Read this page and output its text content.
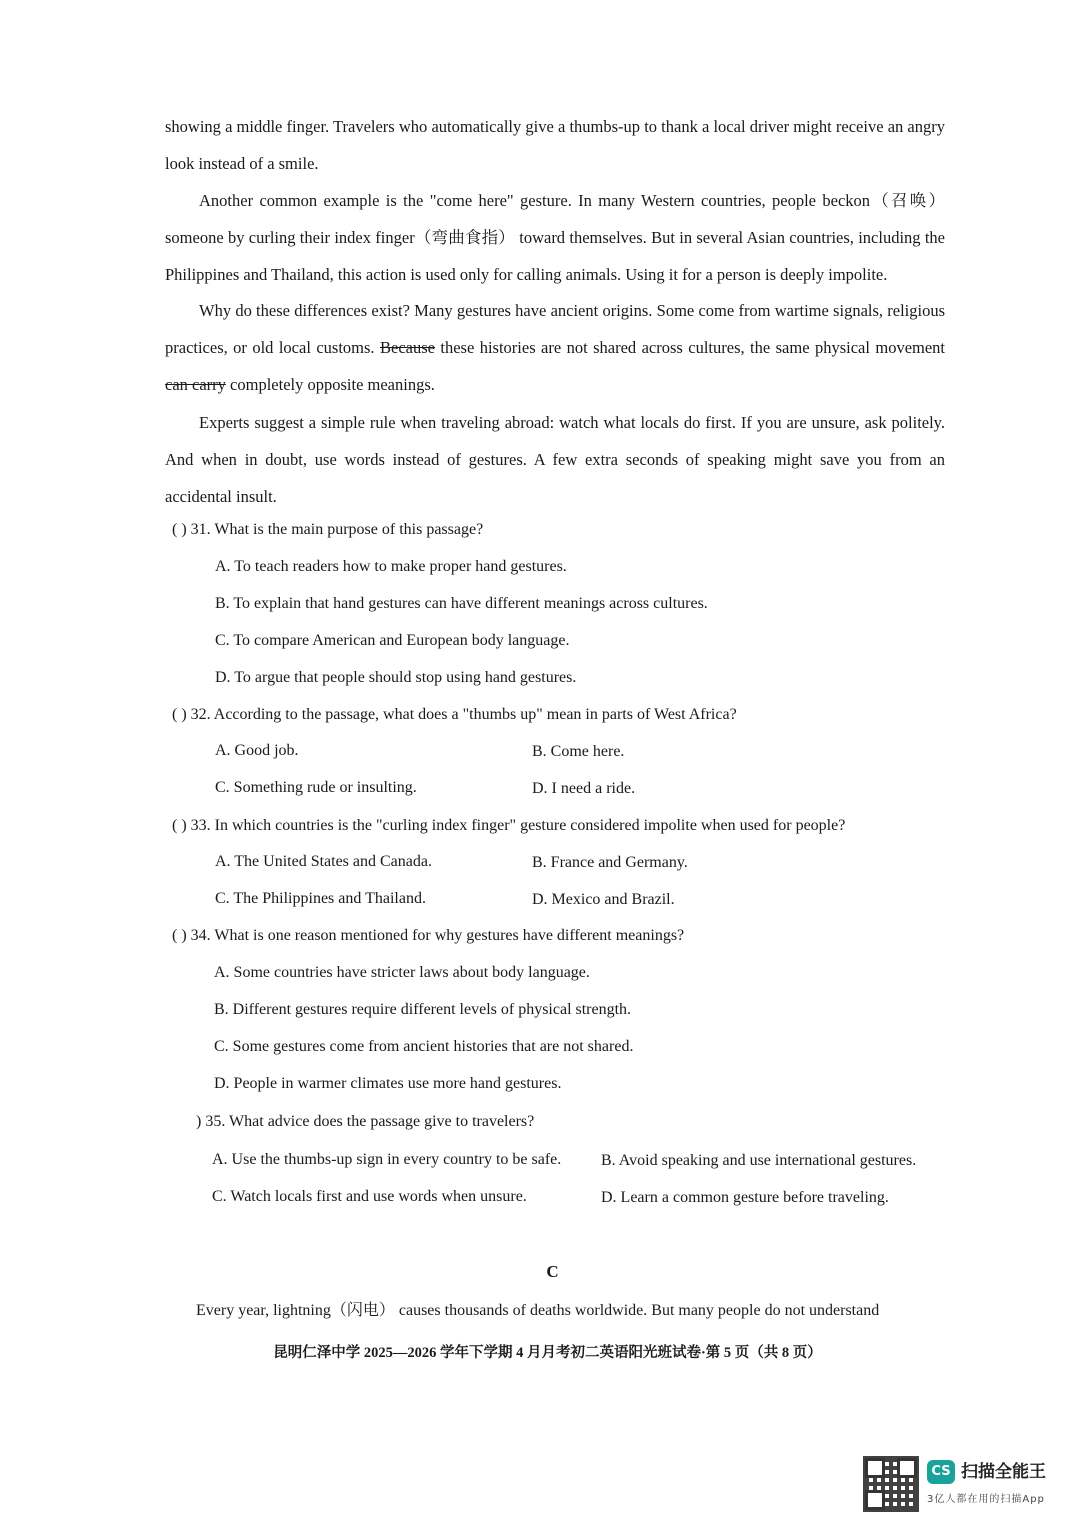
showing a middle finger. Travelers who automatically give a thumbs-up to thank a local driver might receive an angry look instead of a smile.
Another common example is the "come here" gesture. In many Western countries, people beckon（召唤）someone by curling their index finger（弯曲食指） toward themselves. But in several Asian countries, including the Philippines and Thailand, this action is used only for calling animals. Using it for a person is deeply impolite.
Why do these differences exist? Many gestures have ancient origins. Some come from wartime signals, religious practices, or old local customs. Because these histories are not shared across cultures, the same physical movement can carry completely opposite meanings.
Experts suggest a simple rule when traveling abroad: watch what locals do first. If you are unsure, ask politely. And when in doubt, use words instead of gestures. A few extra seconds of speaking might save you from an accidental insult.
( ) 31. What is the main purpose of this passage?
A. To teach readers how to make proper hand gestures.
B. To explain that hand gestures can have different meanings across cultures.
C. To compare American and European body language.
D. To argue that people should stop using hand gestures.
( ) 32. According to the passage, what does a "thumbs up" mean in parts of West Africa?
A. Good job.	B. Come here.
C. Something rude or insulting.	D. I need a ride.
( ) 33. In which countries is the "curling index finger" gesture considered impolite when used for people?
A. The United States and Canada.	B. France and Germany.
C. The Philippines and Thailand.	D. Mexico and Brazil.
( ) 34. What is one reason mentioned for why gestures have different meanings?
A. Some countries have stricter laws about body language.
B. Different gestures require different levels of physical strength.
C. Some gestures come from ancient histories that are not shared.
D. People in warmer climates use more hand gestures.
) 35. What advice does the passage give to travelers?
A. Use the thumbs-up sign in every country to be safe. B. Avoid speaking and use international gestures.
C. Watch locals first and use words when unsure.	D. Learn a common gesture before traveling.
C
Every year, lightning（闪电） causes thousands of deaths worldwide. But many people do not understand
昆明仁泽中学 2025—2026 学年下学期 4 月月考初二英语阳光班试卷·第 5 页（共 8 页）
CS 扫描全能王
3亿人都在用的扫描App
